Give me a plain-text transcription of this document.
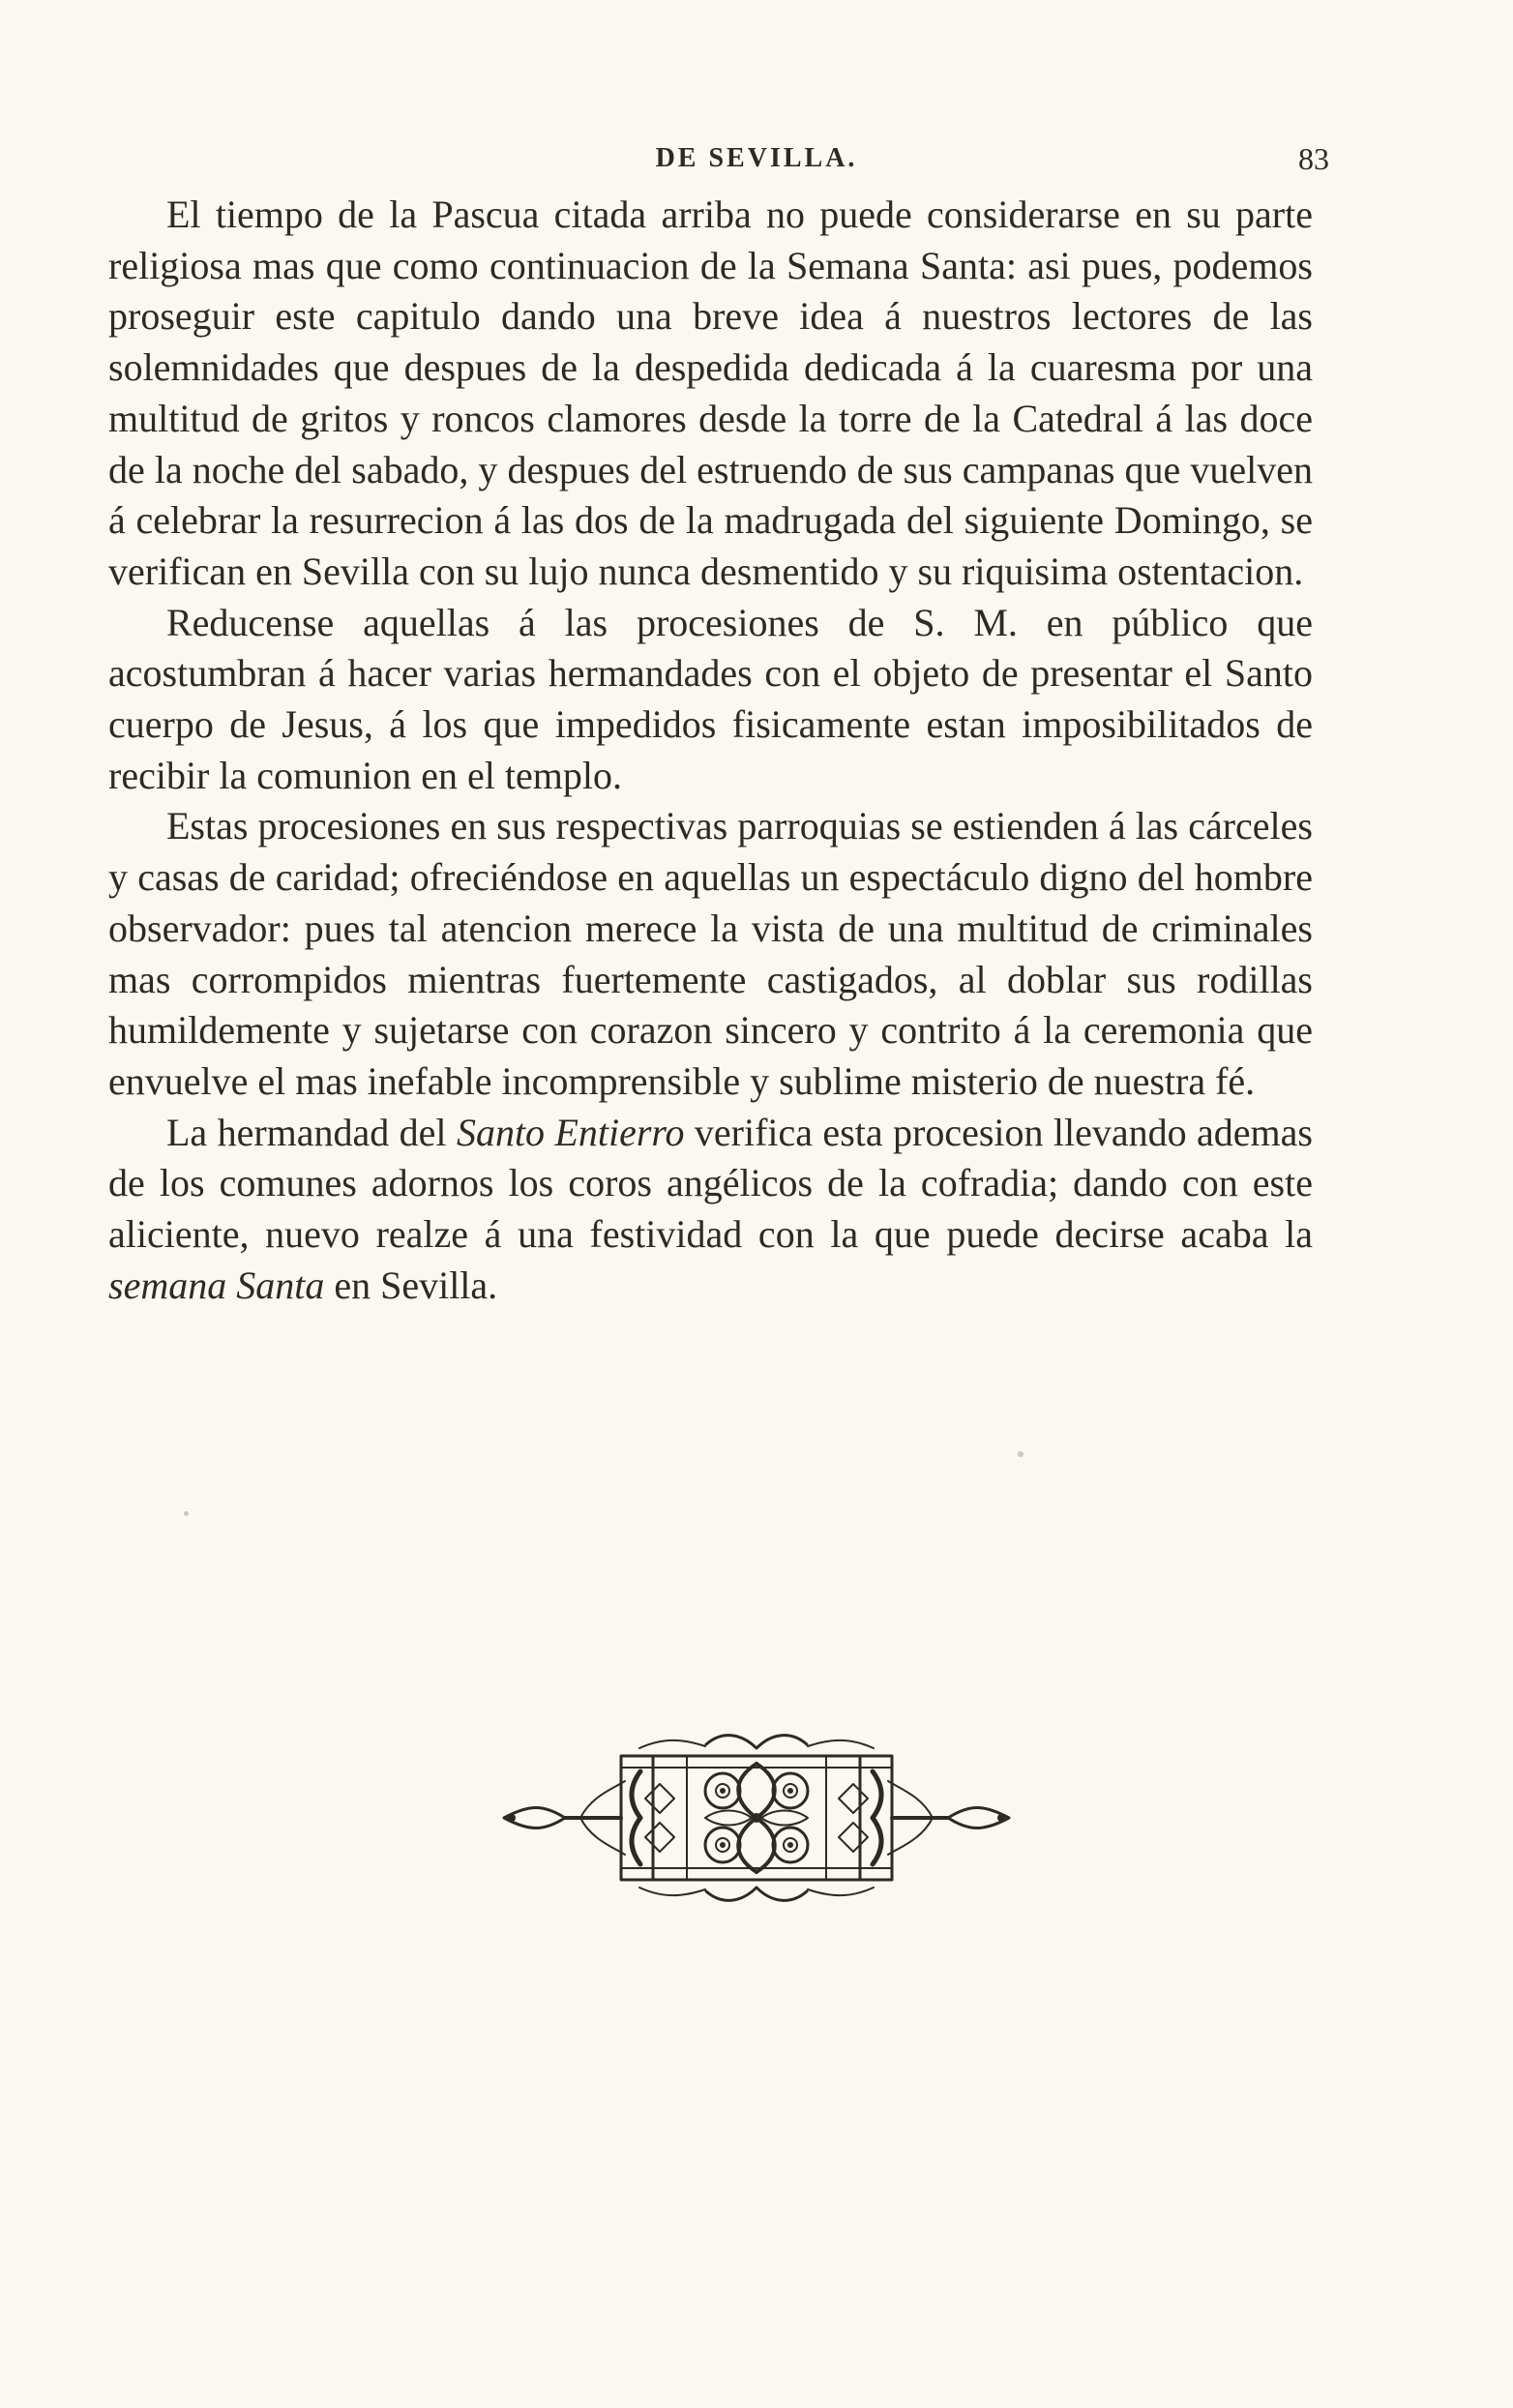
DE SEVILLA.	83

El tiempo de la Pascua citada arriba no puede considerarse en su parte religiosa mas que como continuacion de la Semana Santa: asi pues, podemos proseguir este capitulo dando una breve idea á nuestros lectores de las solemnidades que despues de la despedida dedicada á la cuaresma por una multitud de gritos y roncos clamores desde la torre de la Catedral á las doce de la noche del sabado, y despues del estruendo de sus campanas que vuelven á celebrar la resurrecion á las dos de la madrugada del siguiente Domingo, se verifican en Sevilla con su lujo nunca desmentido y su riquisima ostentacion.

Reducense aquellas á las procesiones de S. M. en público que acostumbran á hacer varias hermandades con el objeto de presentar el Santo cuerpo de Jesus, á los que impedidos fisicamente estan imposibilitados de recibir la comunion en el templo.

Estas procesiones en sus respectivas parroquias se estienden á las cárceles y casas de caridad; ofreciéndose en aquellas un espectáculo digno del hombre observador: pues tal atencion merece la vista de una multitud de criminales mas corrompidos mientras fuertemente castigados, al doblar sus rodillas humildemente y sujetarse con corazon sincero y contrito á la ceremonia que envuelve el mas inefable incomprensible y sublime misterio de nuestra fé.

La hermandad del Santo Entierro verifica esta procesion llevando ademas de los comunes adornos los coros angélicos de la cofradia; dando con este aliciente, nuevo realze á una festividad con la que puede decirse acaba la semana Santa en Sevilla.
